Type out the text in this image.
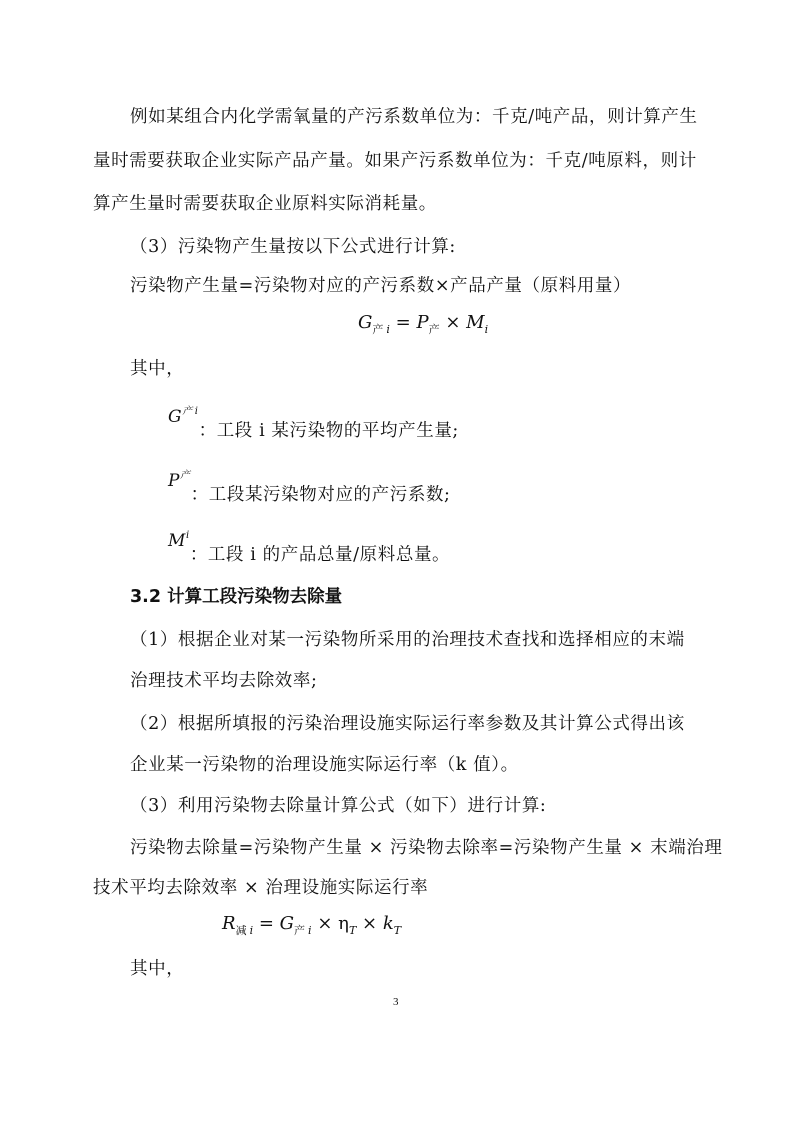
例如某组合内化学需氧量的产污系数单位为：千克/吨产品，则计算产生
量时需要获取企业实际产品产量。如果产污系数单位为：千克/吨原料，则计
算产生量时需要获取企业原料实际消耗量。
（3）污染物产生量按以下公式进行计算:
污染物产生量=污染物对应的产污系数×产品产量（原料用量）
$G_产$ $_i = P_产 \times M_i$
其中，
$G^产$ $^i$：工段 i 某污染物的平均产生量;
$P^产$：工段某污染物对应的产污系数;
$M^i$：工段 i 的产品总量/原料总量。
3.2 计算工段污染物去除量
（1）根据企业对某一污染物所采用的治理技术查找和选择相应的末端
治理技术平均去除效率;
（2）根据所填报的污染治理设施实际运行率参数及其计算公式得出该
企业某一污染物的治理设施实际运行率（k 值）。
（3）利用污染物去除量计算公式（如下）进行计算:
污染物去除量=污染物产生量 × 污染物去除率=污染物产生量 × 末端治理
技术平均去除效率 × 治理设施实际运行率
$R_减$ $_i = G_产$ $_i \times \eta_T \times k_T$
其中，
3
